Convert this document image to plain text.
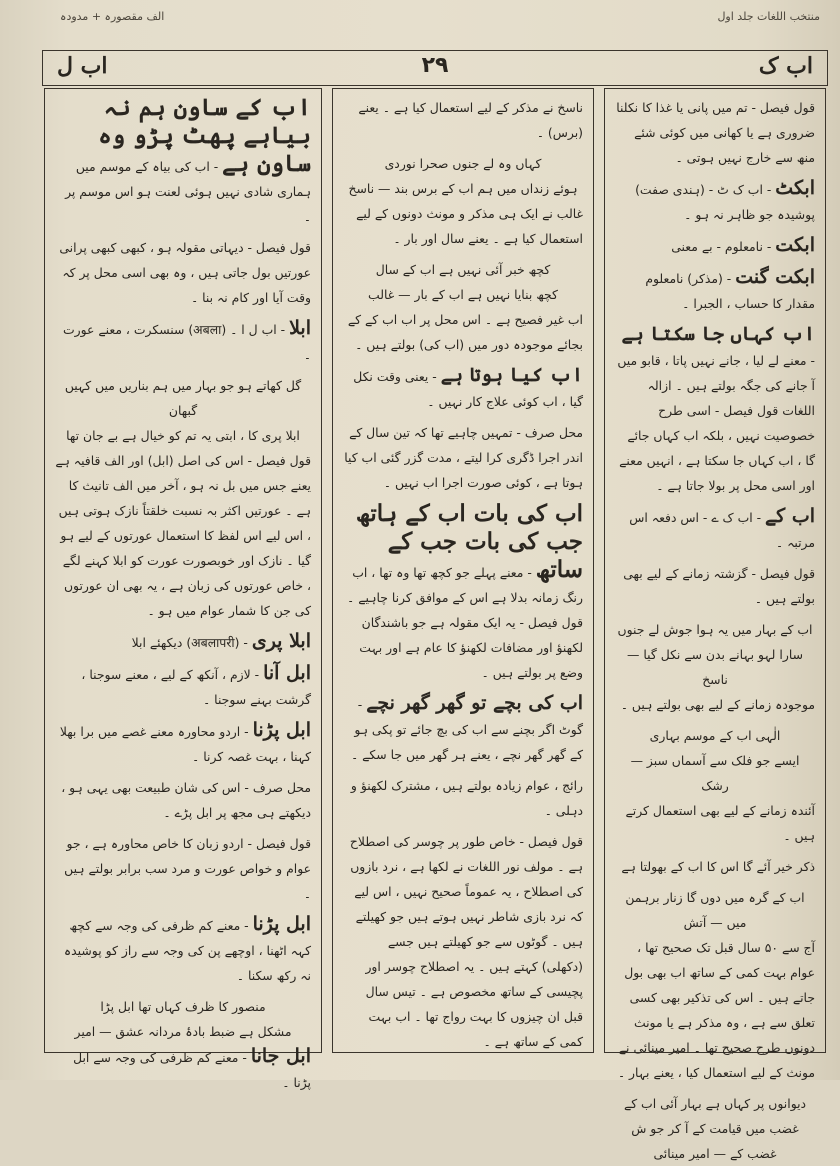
منتخب اللغات جلد اول
الف مقصورہ + مدودہ
اب ک
۲۹
اب ل
قول فیصل - تم میں پانی یا غذا کا نکلنا ضروری ہے یا کھانی میں کوئی شئے منھ سے خارج نہیں ہوتی ۔
ابکٹ - اب ک ٹ - (ہندی صفت) پوشیدہ جو ظاہر نہ ہو ۔
ابکت - نامعلوم - بے معنی
ابکت گنت - (مذکر) نامعلوم مقدار کا حساب ، الجبرا ۔
اب کہاں جا سکتا ہے - معنے لے لیا ، جانے نہیں پاتا ، قابو میں آ جانے کی جگہ بولتے ہیں ۔ ازالہ اللغات قول فیصل - اسی طرح خصوصیت نہیں ، بلکہ اب کہاں جائے گا ، اب کہاں جا سکتا ہے ، انہیں معنے اور اسی محل پر بولا جاتا ہے ۔
اب کے - اب ک ے - اس دفعہ اس مرتبہ ۔
قول فیصل - گزشتہ زمانے کے لیے بھی بولتے ہیں ۔

اب کے بہار میں یہ ہوا جوش لے جنوں

سارا لہو بہانے بدن سے نکل گیا — ناسخ

موجودہ زمانے کے لیے بھی بولتے ہیں ۔

الٰہی اب کے موسم بہاری

ایسے جو فلک سے آسماں سبز — رشک

آئندہ زمانے کے لیے بھی استعمال کرتے ہیں ۔
ذکر خیر آئے گا اس کا اب کے بھولتا ہے

اب کے گرہ میں دوں گا زنار برہمن میں — آتش

آج سے ۵۰ سال قبل تک صحیح تھا ، عوام بہت کمی کے ساتھ اب بھی بول جاتے ہیں ۔ اس کی تذکیر بھی کسی تعلق سے ہے ، وہ مذکر ہے یا مونث دونوں طرح صحیح تھا ۔ امیر مینائی نے مونث کے لیے استعمال کیا ، یعنے بہار ۔

دیوانوں پر کہاں ہے بہار آئی اب کے

غضب میں قیامت کے آ کر جو ش غضب کے — امیر مینائی

ناسخ نے مذکر کے لیے استعمال کیا ہے ۔ یعنے (برس) ۔

کہاں وہ لے جنوں صحرا نوردی

ہوئے زنداں میں ہم اب کے برس بند — ناسخ

غالب نے ایک ہی مذکر و مونث دونوں کے لیے استعمال کیا ہے ۔ یعنے سال اور بار ۔

کچھ خبر آئی نہیں ہے اب کے سال

کچھ بنایا نہیں ہے اب کے بار — غالب

اب غیر فصیح ہے ۔ اس محل پر اب اب کے کے بجائے موجودہ دور میں (اب کی) بولتے ہیں ۔
اب کیا ہوتا ہے - یعنی وقت نکل گیا ، اب کوئی علاج کار نہیں ۔
محل صرف - تمہیں چاہیے تھا کہ تین سال کے اندر اجرا ڈگری کرا لیتے ، مدت گزر گئی اب کیا ہوتا ہے ، کوئی صورت اجرا اب نہیں ۔
اب کی بات اب کے ہاتھ جب کی بات جب کے ساتھ - معنے پہلے جو کچھ تھا وہ تھا ، اب رنگ زمانہ بدلا ہے اس کے موافق کرنا چاہیے ۔ قول فیصل - یہ ایک مقولہ ہے جو باشندگان لکھنؤ اور مضافات لکھنؤ کا عام ہے اور بہت وضع پر بولتے ہیں ۔
اب کی بچے تو گھر گھر نچے - گوٹ اگر بچنے سے اب کی بچ جائے تو پکی ہو کے گھر گھر نچے ، یعنے ہر گھر میں جا سکے ۔
رائج ، عوام زیادہ بولتے ہیں ، مشترک لکھنؤ و دہلی ۔
قول فیصل - خاص طور پر چوسر کی اصطلاح ہے ۔ مولف نور اللغات نے لکھا ہے ، نرد بازوں کی اصطلاح ، یہ عموماً صحیح نہیں ، اس لیے کہ نرد بازی شاطر نہیں ہوتے ہیں جو کھیلتے ہیں ۔ گوٹوں سے جو کھیلتے ہیں جسے (دکھلی) کہتے ہیں ۔ یہ اصطلاح چوسر اور پچیسی کے ساتھ مخصوص ہے ۔ تیس سال قبل ان چیزوں کا بہت رواج تھا ۔ اب بہت کمی کے ساتھ ہے ۔
اب کے ساون ہم نہ بیاہے پھٹ پڑو وہ ساون ہے - اب کی بیاہ کے موسم میں ہماری شادی نہیں ہوئی لعنت ہو اس موسم پر ۔
قول فیصل - دیہاتی مقولہ ہو ، کبھی کبھی پرانی عورتیں بول جاتی ہیں ، وہ بھی اسی محل پر کہ وقت آیا اور کام نہ بنا ۔
ابلا - اب ل ا ۔ (अबला) سنسکرت ، معنے عورت ۔

گل کھاتے ہو جو بہار میں ہم بناریں میں کہیں گبھان

ابلا پری کا ، ابتی یہ تم کو خیال ہے بے جان تھا

قول فیصل - اس کی اصل (ابل) اور الف قافیہ ہے یعنے جس میں بل نہ ہو ، آخر میں الف تانیث کا ہے ۔ عورتیں اکثر بہ نسبت خلقتاً نازک ہوتی ہیں ، اس لیے اس لفظ کا استعمال عورتوں کے لیے ہو گیا ۔ نازک اور خوبصورت عورت کو ابلا کہنے لگے ، خاص عورتوں کی زبان ہے ، یہ بھی ان عورتوں کی جن کا شمار عوام میں ہو ۔
ابلا پری - (अबलापरी) دیکھئے ابلا
ابل آنا - لازم ، آنکھ کے لیے ، معنے سوجنا ، گرشت بہنے سوجنا ۔
ابل پڑنا - اردو محاورہ معنے غصے میں برا بھلا کہنا ، بہت غصہ کرنا ۔
محل صرف - اس کی شان طبیعت بھی یہی ہو ، دیکھتے ہی مجھ پر ابل پڑے ۔
قول فیصل - اردو زبان کا خاص محاورہ ہے ، جو عوام و خواص عورت و مرد سب برابر بولتے ہیں ۔
ابل پڑنا - معنے کم ظرفی کی وجہ سے کچھ کہہ اٹھنا ، اوچھے پن کی وجہ سے راز کو پوشیدہ نہ رکھ سکنا ۔

منصور کا ظرف کہاں تھا ابل پڑا

مشکل ہے ضبط بادۂ مردانہ عشق — امیر

ابل جانا - معنے کم ظرفی کی وجہ سے ابل پڑنا ۔
